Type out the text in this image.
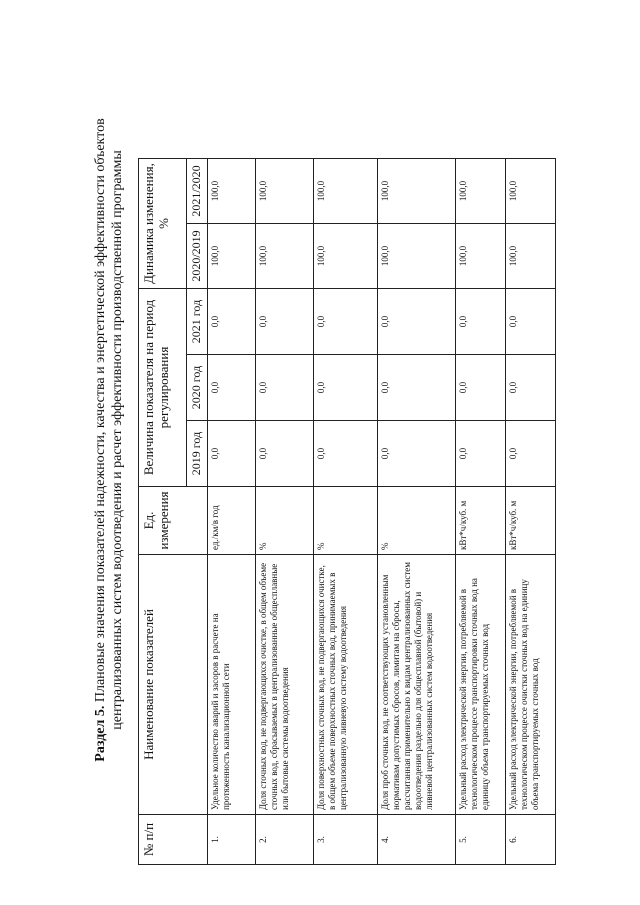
Раздел 5. Плановые значения показателей надежности, качества и энергетической эффективности объектов централизованных систем водоотведения и расчет эффективности производственной программы
№ п/п	Наименование показателей	Ед. измерения	Величина показателя на период регулирования			Динамика изменения, %	
			2019 год	2020 год	2021 год	2020/2019	2021/2020
1.	Удельное количество аварий и засоров в расчете на протяженность канализационной сети	ед./км/в год	0,0	0,0	0,0	100,0	100,0
2.	Доля сточных вод, не подвергающихся очистке, в общем объеме сточных вод, сбрасываемых в централизованные общесплавные или бытовые системы водоотведения	%	0,0	0,0	0,0	100,0	100,0
3.	Доля поверхностных сточных вод, не подвергающихся очистке, в общем объеме поверхностных сточных вод, принимаемых в централизованную ливневую систему водоотведения	%	0,0	0,0	0,0	100,0	100,0
4.	Доля проб сточных вод, не соответствующих установленным нормативам допустимых сбросов, лимитам на сбросы, рассчитанная применительно к видам централизованных систем водоотведения раздельно для общесплавной (бытовой) и ливневой централизованных систем водоотведения	%	0,0	0,0	0,0	100,0	100,0
5.	Удельный расход электрической энергии, потребляемой в технологическом процессе транспортировки сточных вод на единицу объема транспортируемых сточных вод	кВт*ч/куб. м	0,0	0,0	0,0	100,0	100,0
6.	Удельный расход электрической энергии, потребляемой в технологическом процессе очистки сточных вод на единицу объема транспортируемых сточных вод	кВт*ч/куб. м	0,0	0,0	0,0	100,0	100,0
